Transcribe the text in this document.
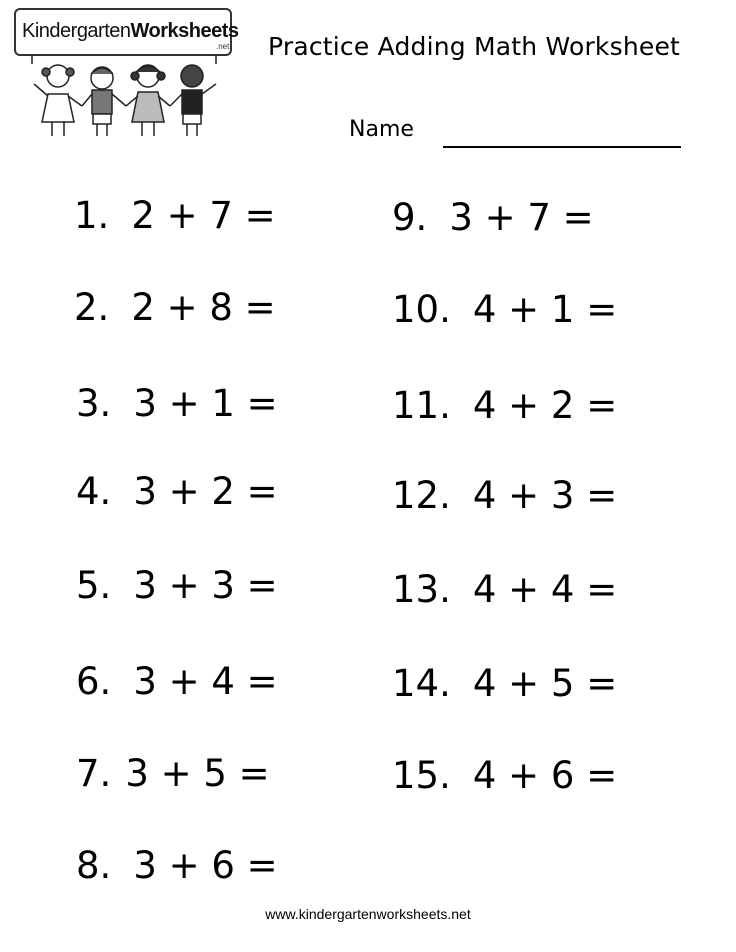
KindergartenWorksheets
.net Practice Adding Math Worksheet
Name
1. 2 + 7 =
2. 2 + 8 =
3. 3 + 1 =
4. 3 + 2 =
5. 3 + 3 =
6. 3 + 4 =
7. 3 + 5 =
8. 3 + 6 =
9. 3 + 7 =
10. 4 + 1 =
11. 4 + 2 =
12. 4 + 3 =
13. 4 + 4 =
14. 4 + 5 =
15. 4 + 6 =
www.kindergartenworksheets.net
